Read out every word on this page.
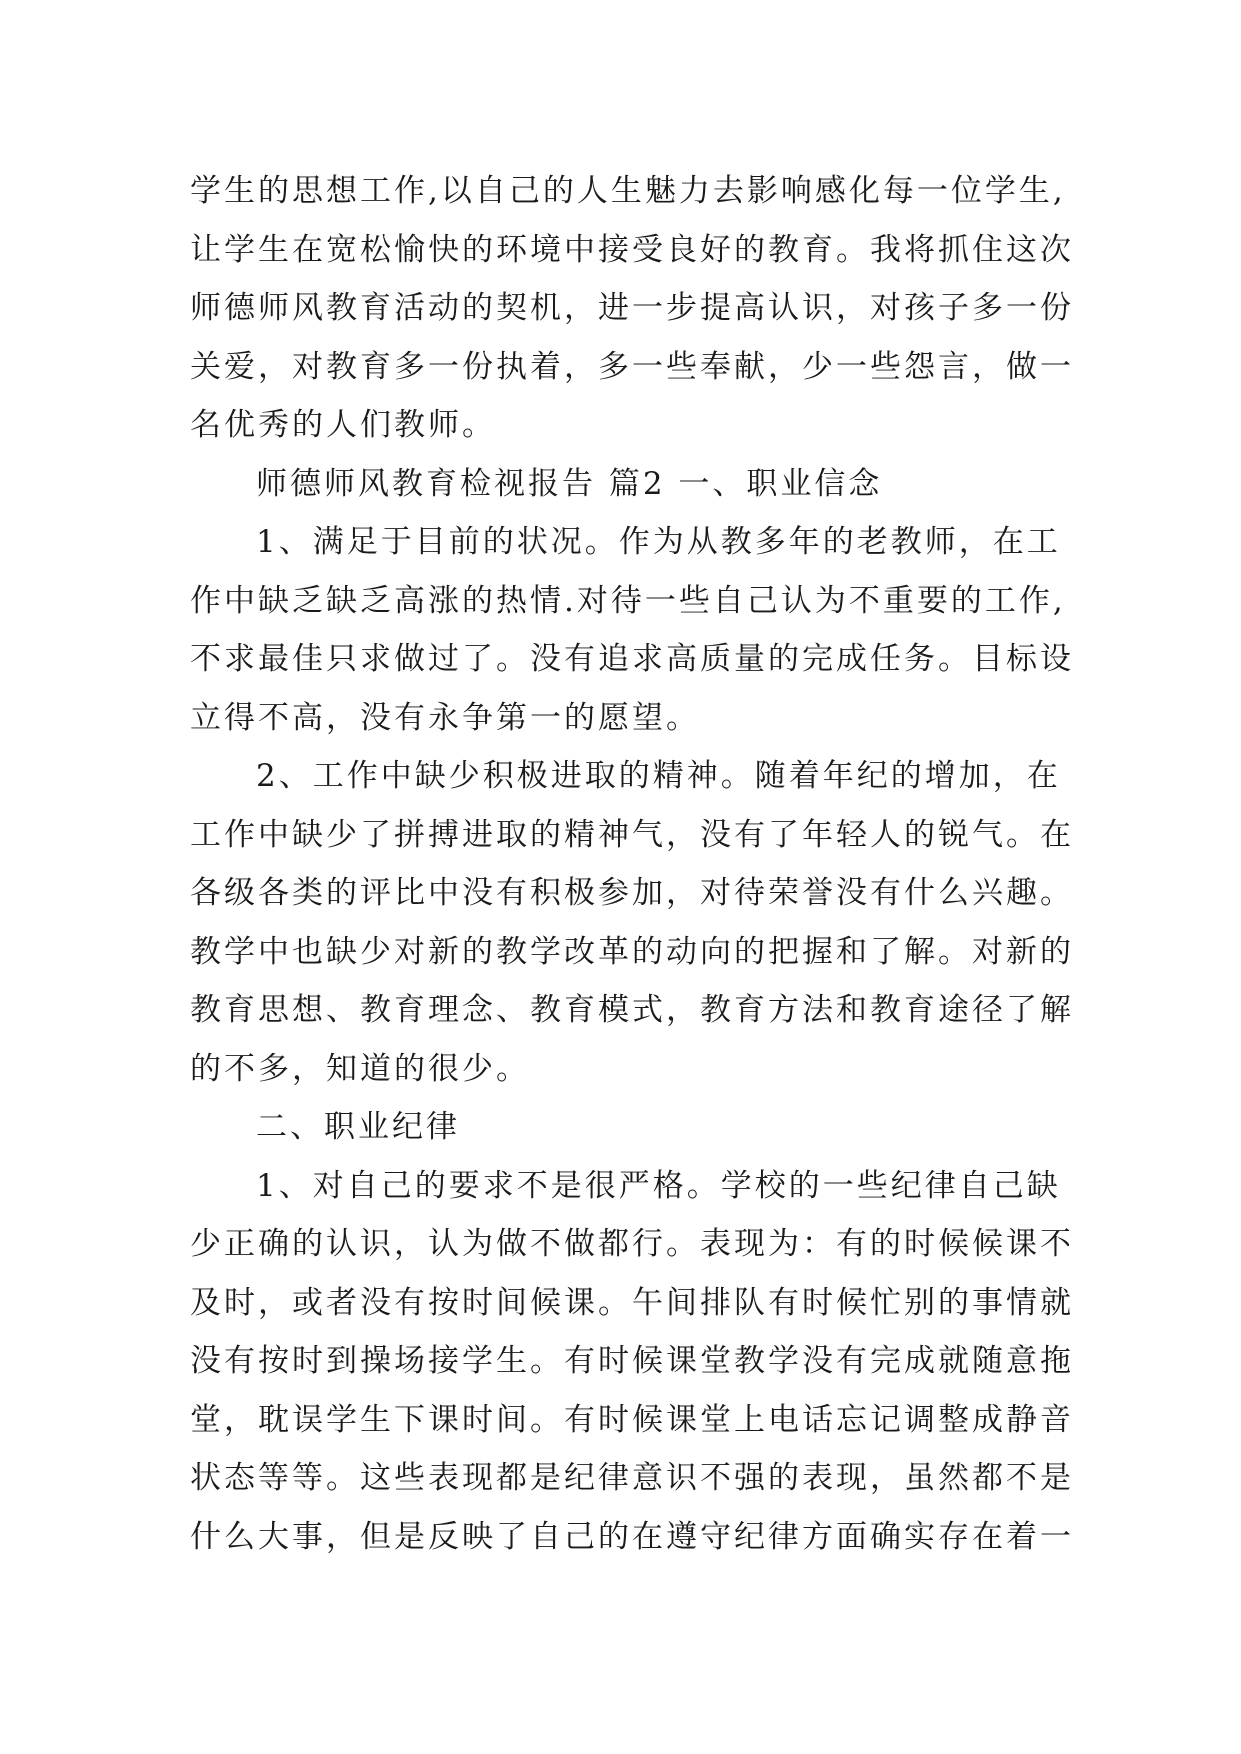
学生的思想工作,以自己的人生魅力去影响感化每一位学生,
让学生在宽松愉快的环境中接受良好的教育。我将抓住这次
师德师风教育活动的契机，进一步提高认识，对孩子多一份
关爱，对教育多一份执着，多一些奉献，少一些怨言，做一
名优秀的人们教师。
师德师风教育检视报告 篇2 一、职业信念
1、满足于目前的状况。作为从教多年的老教师，在工
作中缺乏缺乏高涨的热情.对待一些自己认为不重要的工作,
不求最佳只求做过了。没有追求高质量的完成任务。目标设
立得不高，没有永争第一的愿望。
2、工作中缺少积极进取的精神。随着年纪的增加，在
工作中缺少了拼搏进取的精神气，没有了年轻人的锐气。在
各级各类的评比中没有积极参加，对待荣誉没有什么兴趣。
教学中也缺少对新的教学改革的动向的把握和了解。对新的
教育思想、教育理念、教育模式，教育方法和教育途径了解
的不多，知道的很少。
二、职业纪律
1、对自己的要求不是很严格。学校的一些纪律自己缺
少正确的认识，认为做不做都行。表现为：有的时候候课不
及时，或者没有按时间候课。午间排队有时候忙别的事情就
没有按时到操场接学生。有时候课堂教学没有完成就随意拖
堂，耽误学生下课时间。有时候课堂上电话忘记调整成静音
状态等等。这些表现都是纪律意识不强的表现，虽然都不是
什么大事，但是反映了自己的在遵守纪律方面确实存在着一
